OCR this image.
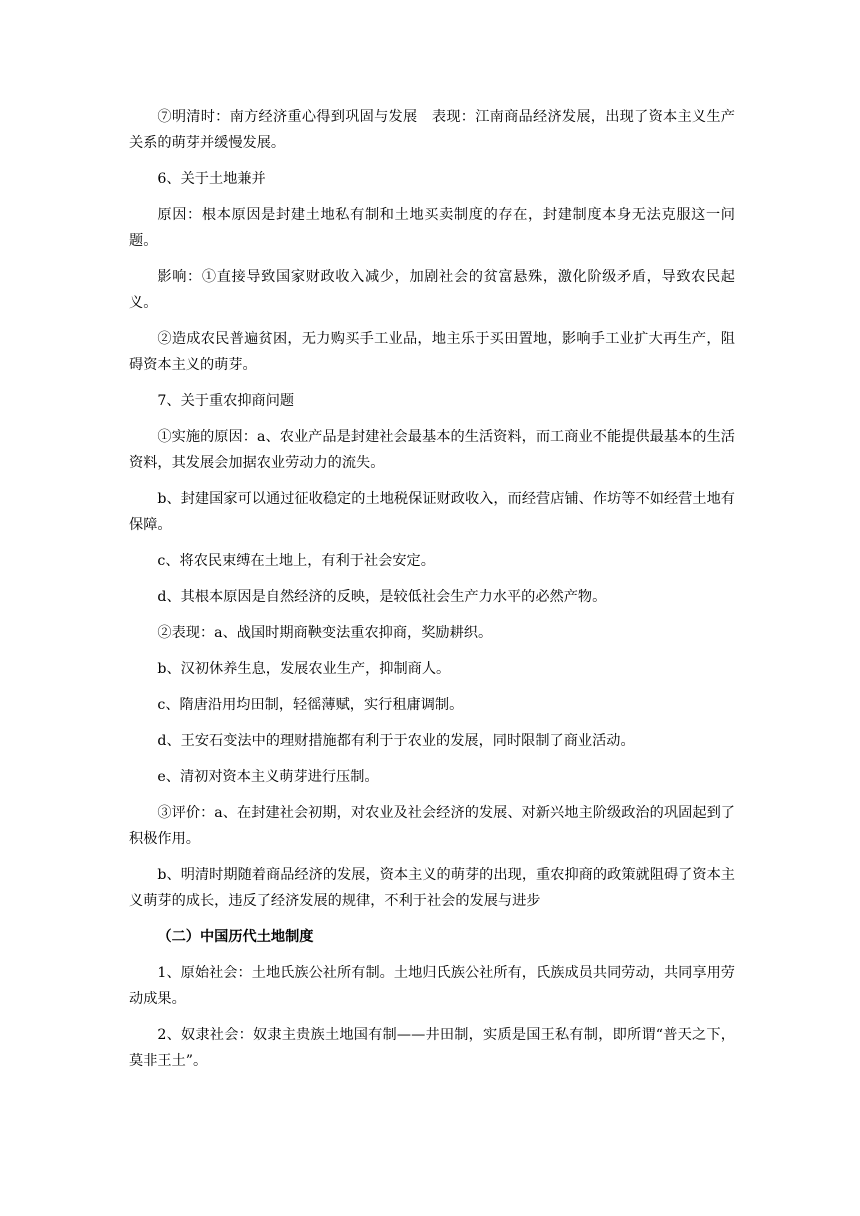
⑦明清时：南方经济重心得到巩固与发展　表现：江南商品经济发展，出现了资本主义生产关系的萌芽并缓慢发展。

6、关于土地兼并

原因：根本原因是封建土地私有制和土地买卖制度的存在，封建制度本身无法克服这一问题。

影响：①直接导致国家财政收入减少，加剧社会的贫富悬殊，激化阶级矛盾，导致农民起义。

②造成农民普遍贫困，无力购买手工业品，地主乐于买田置地，影响手工业扩大再生产，阻碍资本主义的萌芽。

7、关于重农抑商问题

①实施的原因：a、农业产品是封建社会最基本的生活资料，而工商业不能提供最基本的生活资料，其发展会加据农业劳动力的流失。

b、封建国家可以通过征收稳定的土地税保证财政收入，而经营店铺、作坊等不如经营土地有保障。

c、将农民束缚在土地上，有利于社会安定。

d、其根本原因是自然经济的反映，是较低社会生产力水平的必然产物。

②表现：a、战国时期商鞅变法重农抑商，奖励耕织。

b、汉初休养生息，发展农业生产，抑制商人。

c、隋唐沿用均田制，轻徭薄赋，实行租庸调制。

d、王安石变法中的理财措施都有利于于农业的发展，同时限制了商业活动。

e、清初对资本主义萌芽进行压制。

③评价：a、在封建社会初期，对农业及社会经济的发展、对新兴地主阶级政治的巩固起到了积极作用。

b、明清时期随着商品经济的发展，资本主义的萌芽的出现，重农抑商的政策就阻碍了资本主义萌芽的成长，违反了经济发展的规律，不利于社会的发展与进步

（二）中国历代土地制度

1、原始社会：土地氏族公社所有制。土地归氏族公社所有，氏族成员共同劳动，共同享用劳动成果。

2、奴隶社会：奴隶主贵族土地国有制——井田制，实质是国王私有制，即所谓“普天之下，莫非王土”。
